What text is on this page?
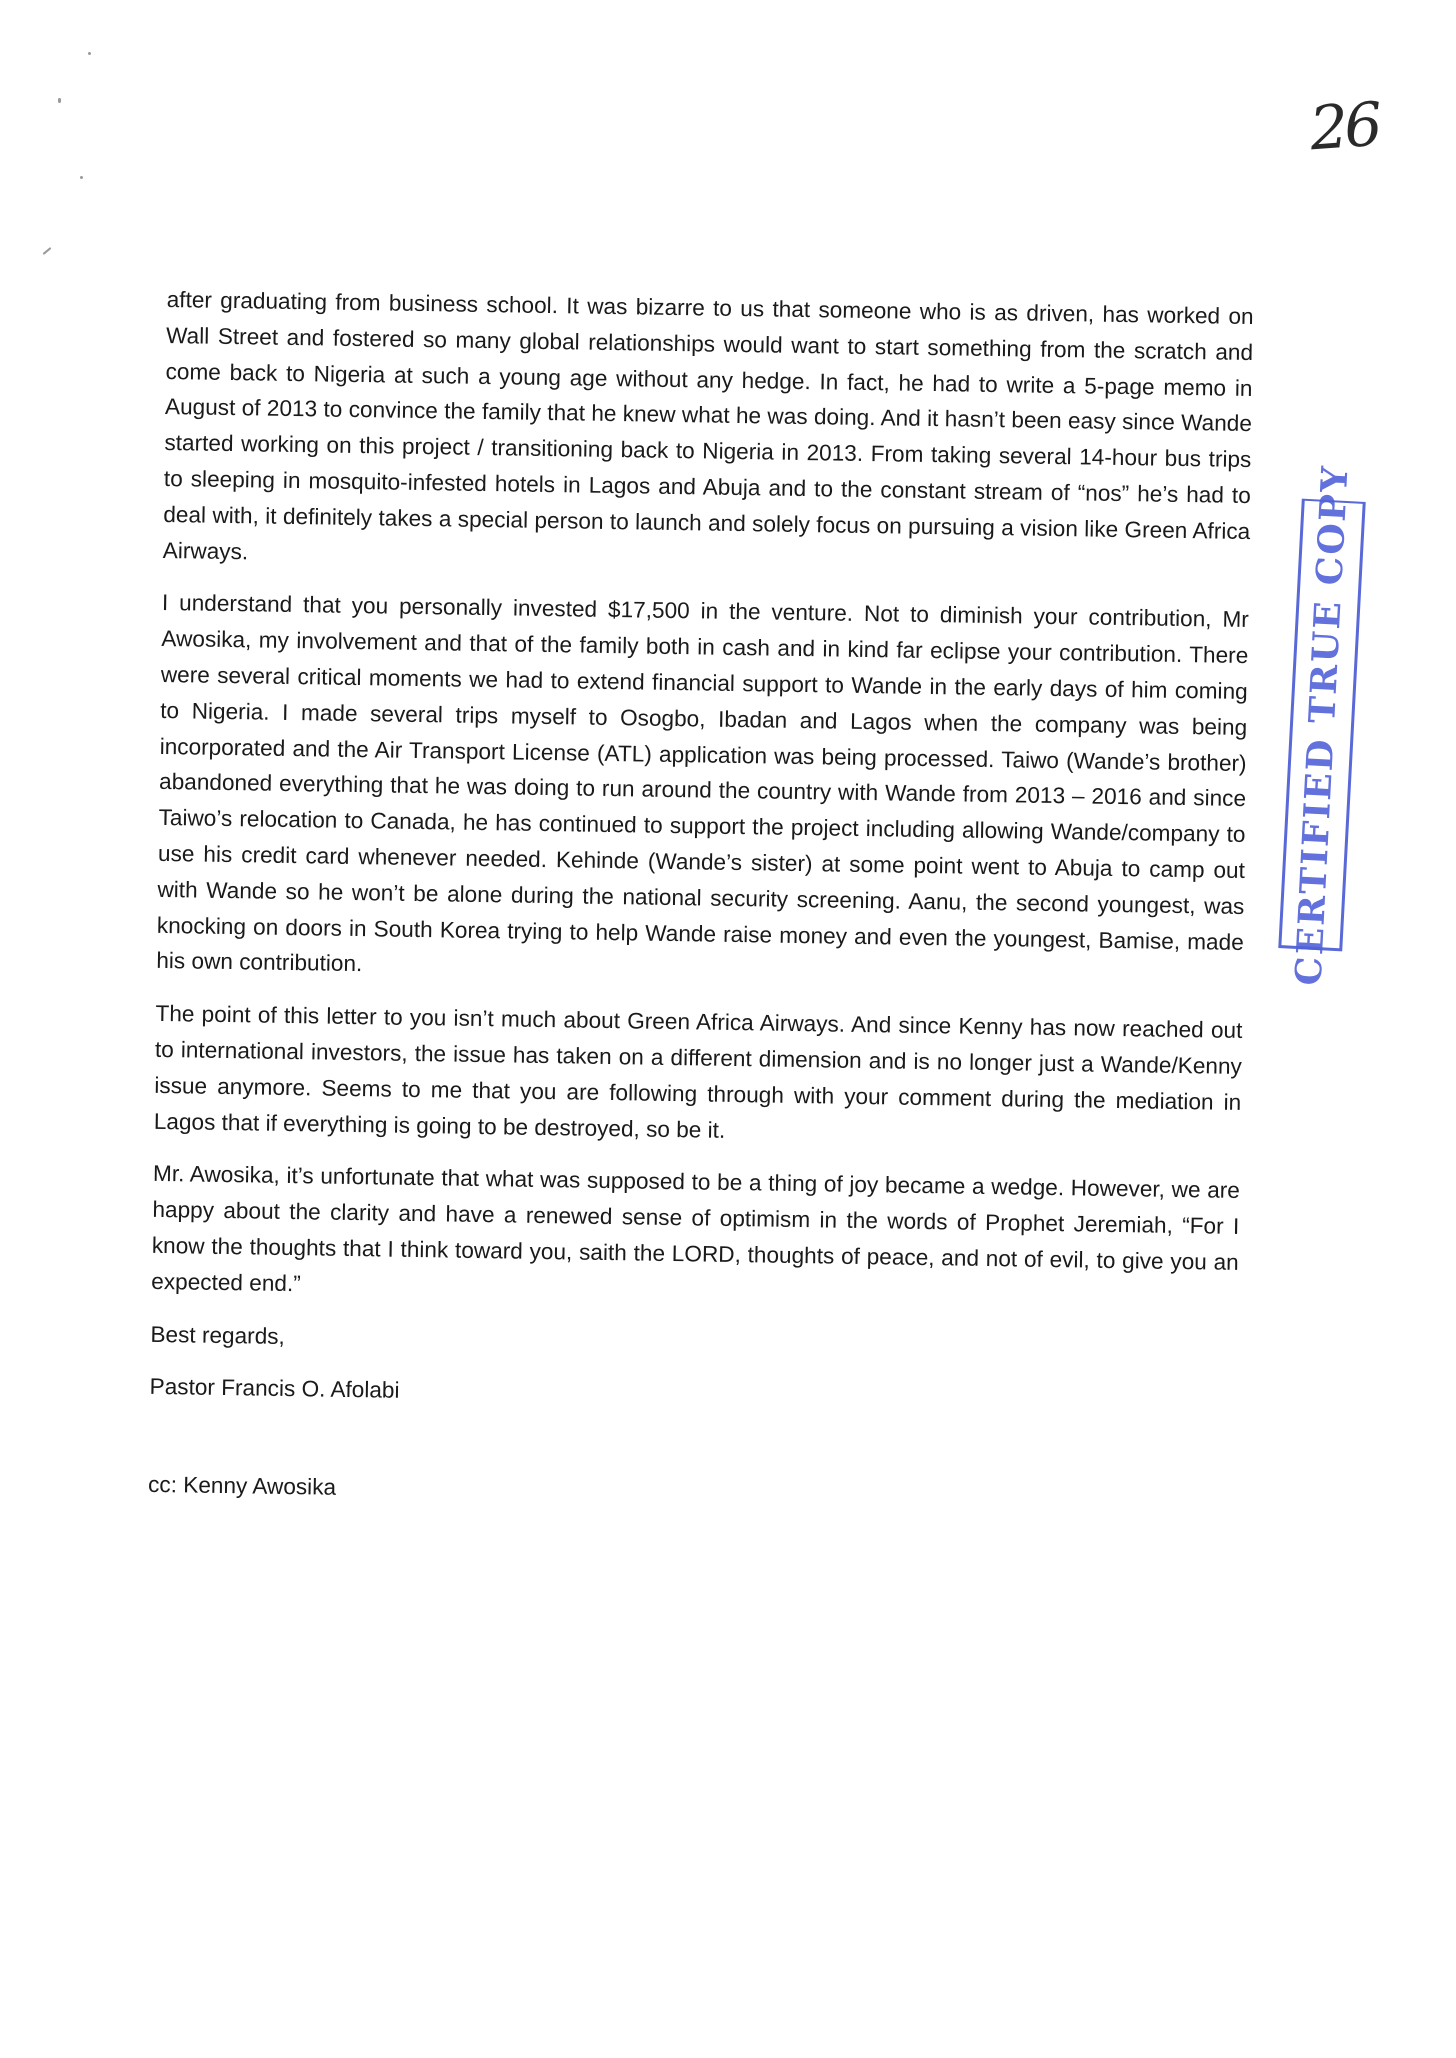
26

after graduating from business school. It was bizarre to us that someone who is as driven, has worked on Wall Street and fostered so many global relationships would want to start something from the scratch and come back to Nigeria at such a young age without any hedge. In fact, he had to write a 5-page memo in August of 2013 to convince the family that he knew what he was doing. And it hasn’t been easy since Wande started working on this project / transitioning back to Nigeria in 2013. From taking several 14-hour bus trips to sleeping in mosquito-infested hotels in Lagos and Abuja and to the constant stream of “nos” he’s had to deal with, it definitely takes a special person to launch and solely focus on pursuing a vision like Green Africa Airways.

I understand that you personally invested $17,500 in the venture. Not to diminish your contribution, Mr Awosika, my involvement and that of the family both in cash and in kind far eclipse your contribution. There were several critical moments we had to extend financial support to Wande in the early days of him coming to Nigeria. I made several trips myself to Osogbo, Ibadan and Lagos when the company was being incorporated and the Air Transport License (ATL) application was being processed. Taiwo (Wande’s brother) abandoned everything that he was doing to run around the country with Wande from 2013 – 2016 and since Taiwo’s relocation to Canada, he has continued to support the project including allowing Wande/company to use his credit card whenever needed. Kehinde (Wande’s sister) at some point went to Abuja to camp out with Wande so he won’t be alone during the national security screening. Aanu, the second youngest, was knocking on doors in South Korea trying to help Wande raise money and even the youngest, Bamise, made his own contribution.

The point of this letter to you isn’t much about Green Africa Airways. And since Kenny has now reached out to international investors, the issue has taken on a different dimension and is no longer just a Wande/Kenny issue anymore. Seems to me that you are following through with your comment during the mediation in Lagos that if everything is going to be destroyed, so be it.

Mr. Awosika, it’s unfortunate that what was supposed to be a thing of joy became a wedge. However, we are happy about the clarity and have a renewed sense of optimism in the words of Prophet Jeremiah, “For I know the thoughts that I think toward you, saith the LORD, thoughts of peace, and not of evil, to give you an expected end.”

Best regards,

Pastor Francis O. Afolabi

cc: Kenny Awosika

CERTIFIED TRUE COPY
